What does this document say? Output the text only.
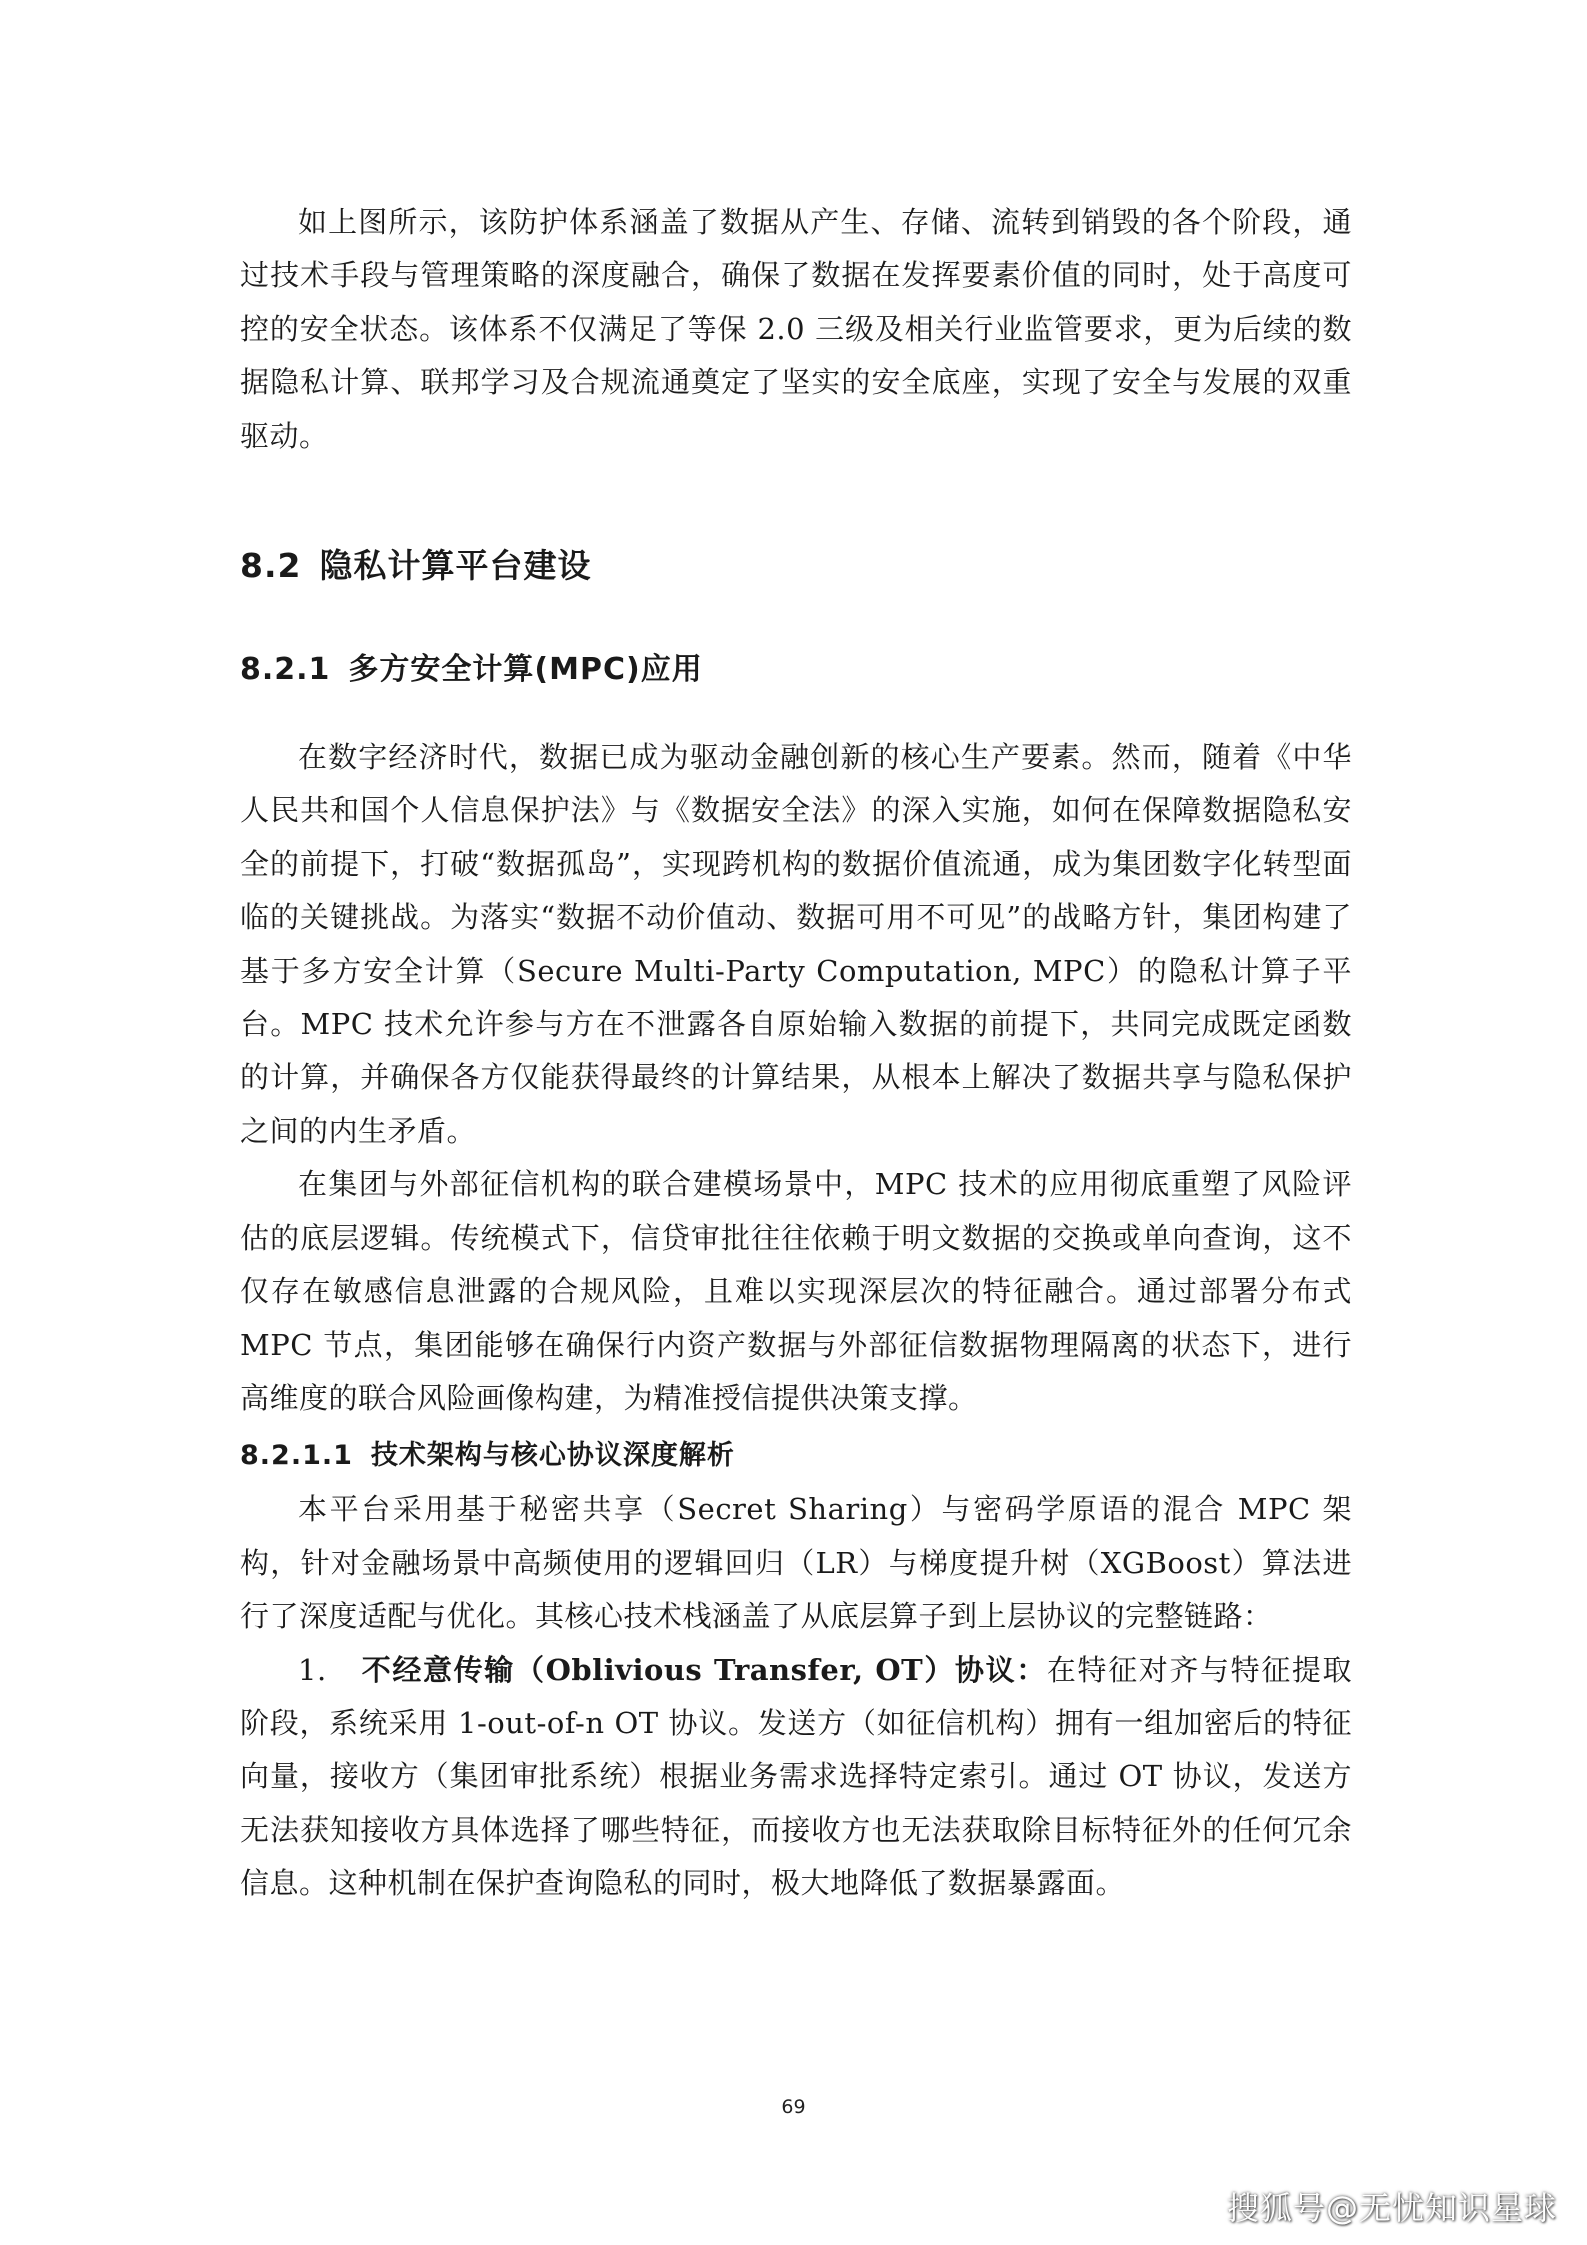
如上图所示，该防护体系涵盖了数据从产生、存储、流转到销毁的各个阶段，通过技术手段与管理策略的深度融合，确保了数据在发挥要素价值的同时，处于高度可控的安全状态。该体系不仅满足了等保 2.0 三级及相关行业监管要求，更为后续的数据隐私计算、联邦学习及合规流通奠定了坚实的安全底座，实现了安全与发展的双重驱动。

8.2 隐私计算平台建设
8.2.1 多方安全计算(MPC)应用

在数字经济时代，数据已成为驱动金融创新的核心生产要素。然而，随着《中华人民共和国个人信息保护法》与《数据安全法》的深入实施，如何在保障数据隐私安全的前提下，打破“数据孤岛”，实现跨机构的数据价值流通，成为集团数字化转型面临的关键挑战。为落实“数据不动价值动、数据可用不可见”的战略方针，集团构建了基于多方安全计算（Secure Multi-Party Computation, MPC）的隐私计算子平台。MPC 技术允许参与方在不泄露各自原始输入数据的前提下，共同完成既定函数的计算，并确保各方仅能获得最终的计算结果，从根本上解决了数据共享与隐私保护之间的内生矛盾。

在集团与外部征信机构的联合建模场景中，MPC 技术的应用彻底重塑了风险评估的底层逻辑。传统模式下，信贷审批往往依赖于明文数据的交换或单向查询，这不仅存在敏感信息泄露的合规风险，且难以实现深层次的特征融合。通过部署分布式 MPC 节点，集团能够在确保行内资产数据与外部征信数据物理隔离的状态下，进行高维度的联合风险画像构建，为精准授信提供决策支撑。

8.2.1.1 技术架构与核心协议深度解析

本平台采用基于秘密共享（Secret Sharing）与密码学原语的混合 MPC 架构，针对金融场景中高频使用的逻辑回归（LR）与梯度提升树（XGBoost）算法进行了深度适配与优化。其核心技术栈涵盖了从底层算子到上层协议的完整链路：

1. 不经意传输（Oblivious Transfer, OT）协议：在特征对齐与特征提取阶段，系统采用 1-out-of-n OT 协议。发送方（如征信机构）拥有一组加密后的特征向量，接收方（集团审批系统）根据业务需求选择特定索引。通过 OT 协议，发送方无法获知接收方具体选择了哪些特征，而接收方也无法获取除目标特征外的任何冗余信息。这种机制在保护查询隐私的同时，极大地降低了数据暴露面。

69
搜狐号@无忧知识星球
